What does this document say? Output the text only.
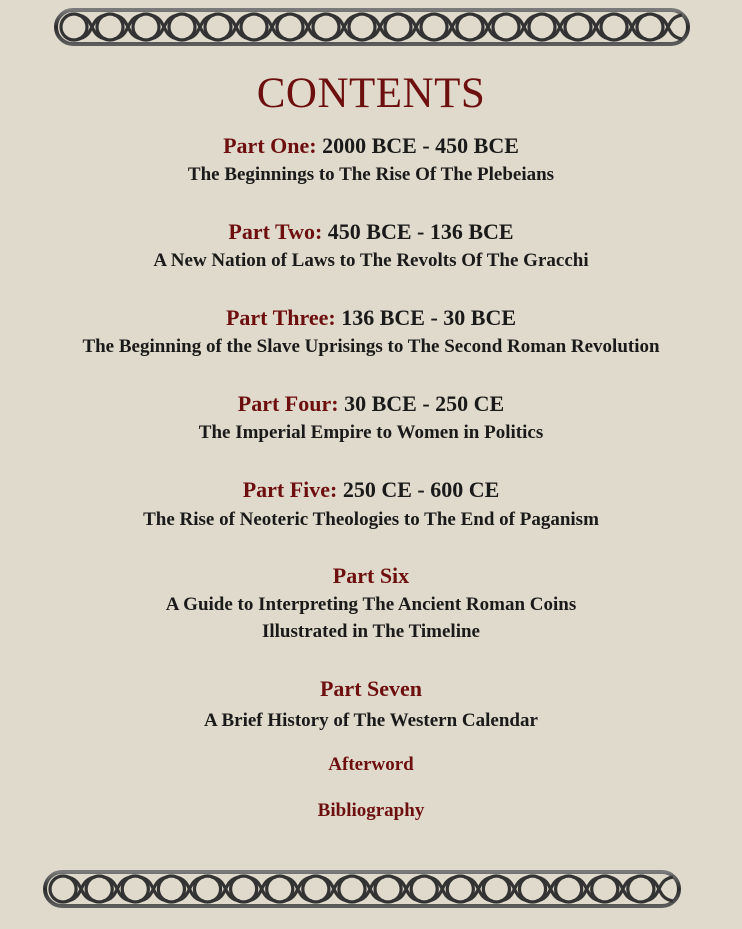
CONTENTS
Part One: 2000 BCE - 450 BCE
The Beginnings to The Rise Of The Plebeians
Part Two: 450 BCE - 136 BCE
A New Nation of Laws to The Revolts Of The Gracchi
Part Three: 136 BCE - 30 BCE
The Beginning of the Slave Uprisings to The Second Roman Revolution
Part Four: 30 BCE - 250 CE
The Imperial Empire to Women in Politics
Part Five: 250 CE - 600 CE
The Rise of Neoteric Theologies to The End of Paganism
Part Six
A Guide to Interpreting The Ancient Roman Coins
Illustrated in The Timeline
Part Seven
A Brief History of The Western Calendar
Afterword
Bibliography
